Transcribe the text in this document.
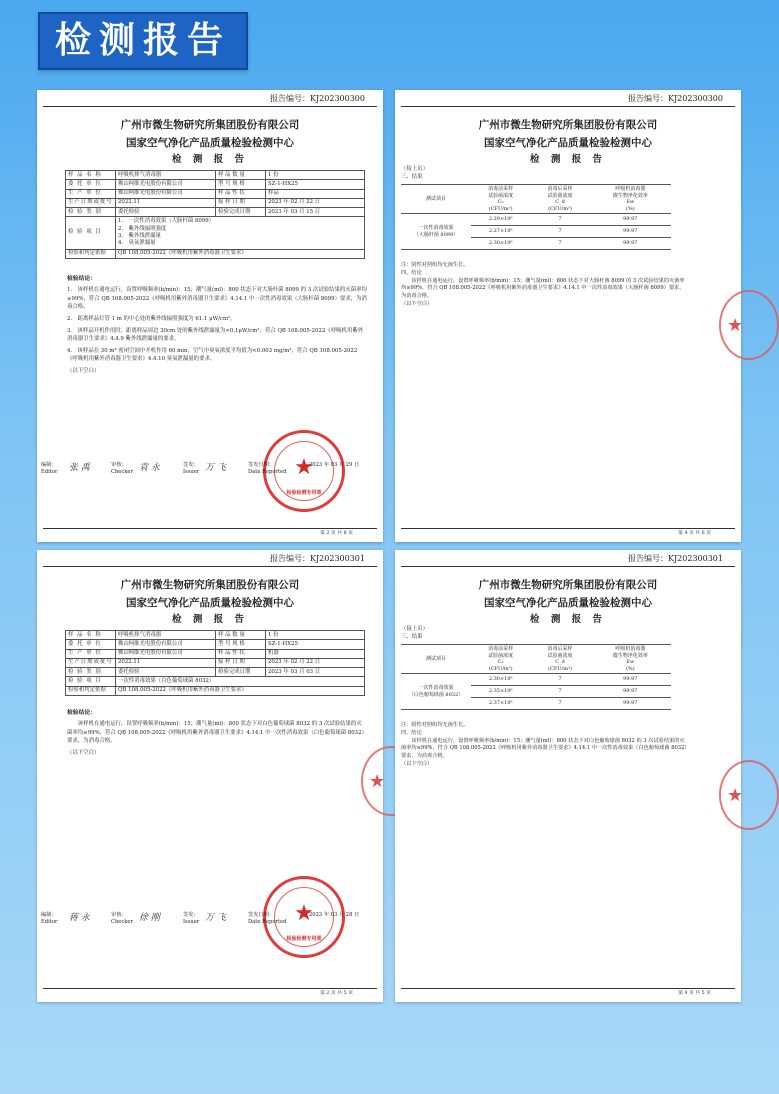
检测报告
报告编号：KJ202300300
广州市微生物研究所集团股份有限公司
国家空气净化产品质量检验检测中心
检 测 报 告
样 品 名 称	呼吸机排气消毒器	样 品 数 量	1 份
委 托 单 位	佛山柯维光电股份有限公司	型 号 规 格	SZ-1-HX25
生 产 单 位	佛山柯维光电股份有限公司	样 品 性 状	样品
生产日期或批号	2022.11	接 样 日 期	2023 年 02 月 22 日
检 验 类 别	委托检验	检验完成日期	2023 年 03 月 15 日
检 验 项 目	1.　一次性消毒效果（大肠杆菌 8099）
2.　紫外线辐照强度
3.　紫外线泄漏量
4.　臭氧泄漏量		

检验和判定依据	QB 108.005-2022《呼吸机用紫外消毒器卫生要求》		
检验结论：

1.　该样机在通电运行，设置呼吸频率(b/min)：15；潮气量(ml)：800 状态下对大肠杆菌 8099 的 3 次试验结果的灭菌率均≥99%，符合 QB 108.005-2022《呼吸机用紫外消毒器卫生要求》4.14.1 中一次性消毒效果（大肠杆菌 8099）要求，为消毒合格。

2.　距离样品灯管 1 m 的中心处的紫外线辐照强度为 61.1 μW/cm²。

3.　该样品开机作用时，距离样品周边 30cm 处的紫外线泄漏量为<0.1μW/cm²，符合 QB 108.005-2022《呼吸机用紫外消毒器卫生要求》4.4.9 紫外线泄漏量的要求。

4.　该样品在 30 m³ 密闭空间中开机作用 60 min，空气中臭氧浓度平均值为<0.003 mg/m³，符合 QB 108.005-2022《呼吸机用紫外消毒器卫生要求》4.4.10 臭氧泄漏量的要求。

（以下空白）

★
检验检测专用章
编制：
Editor 张 禹	审核：
Checker 袁 永	签发：
Issuer 万 飞	签发日期：
Date Reported
2023 年 03 月 29 日
第 2 页 共 6 页
报告编号：KJ202300300
广州市微生物研究所集团股份有限公司
国家空气净化产品质量检验检测中心
检 测 报 告
（接上页）
三、结果
测试项目	消毒前采样
试验菌浓度
Cₙ
(CFU/m³)	消毒后采样
试验菌浓度
C_d
(CFU/m³)	呼吸机消毒器
微生物净化效率
Ew
(%)
一次性消毒效果
（大肠杆菌 8099）	2.29×10⁶	7	99.97
	2.27×10⁶	7	99.97
	2.30×10⁶	7	99.97
注：阴性对照组均无菌生长。
四、结论
　　该样机在通电运行，设置呼吸频率(b/min)：15；潮气量(ml)：800 状态下对大肠杆菌 8099 的 3 次试验结果的灭菌率均≥99%，符合 QB 108.005-2022《呼吸机用紫外消毒器卫生要求》4.14.1 中一次性消毒效果（大肠杆菌 8099）要求，为消毒合格。
（以下空白）
★
第 4 页 共 6 页
报告编号：KJ202300301
广州市微生物研究所集团股份有限公司
国家空气净化产品质量检验检测中心
检 测 报 告
样 品 名 称	呼吸机排气消毒器	样 品 数 量	1 份
委 托 单 位	佛山柯维光电股份有限公司	型 号 规 格	SZ-1-HX25
生 产 单 位	佛山柯维光电股份有限公司	样 品 性 状	机器
生产日期或批号	2022.11	接 样 日 期	2023 年 02 月 22 日
检 验 类 别	委托检验	检验完成日期	2023 年 03 月 03 日
检 验 项 目	一次性消毒效果（白色葡萄球菌 8032）		
检验和判定依据	QB 108.005-2022《呼吸机用紫外消毒器卫生要求》		
检验结论：

　　该样机在通电运行，设置呼吸频率(b/min)：15；潮气量(ml)：800 状态下对白色葡萄球菌 8032 的 3 次试验结果的灭菌率均≥99%，符合 QB 108.005-2022《呼吸机用紫外消毒器卫生要求》4.14.1 中一次性消毒效果（白色葡萄球菌 8032）要求，为消毒合格。

（以下空白）

★
★
检验检测专用章
编制：
Editor 蒋 永	审核：
Checker 徐 刚	签发：
Issuer 万 飞	签发日期：
Date Reported
2023 年 03 月 28 日
第 2 页 共 5 页
报告编号：KJ202300301
广州市微生物研究所集团股份有限公司
国家空气净化产品质量检验检测中心
检 测 报 告
（接上页）
三、结果
测试项目	消毒前采样
试验菌浓度
Cₙ
(CFU/m³)	消毒后采样
试验菌浓度
C_d
(CFU/m³)	呼吸机消毒器
微生物净化效率
Ew
(%)
一次性消毒效果
（白色葡萄球菌 8032）	2.30×10⁶	7	99.97
	2.35×10⁶	7	99.97
	2.37×10⁶	7	99.97
注：阴性对照组均无菌生长。
四、结论
　　该样机在通电运行，设置呼吸频率(b/min)：15；潮气量(ml)：800 状态下对白色葡萄球菌 8032 的 3 次试验结果的灭菌率均≥99%，符合 QB 108.005-2022《呼吸机用紫外消毒器卫生要求》4.14.1 中一次性消毒效果（白色葡萄球菌 8032）要求，为消毒合格。
（以下空白）
★
第 4 页 共 5 页
